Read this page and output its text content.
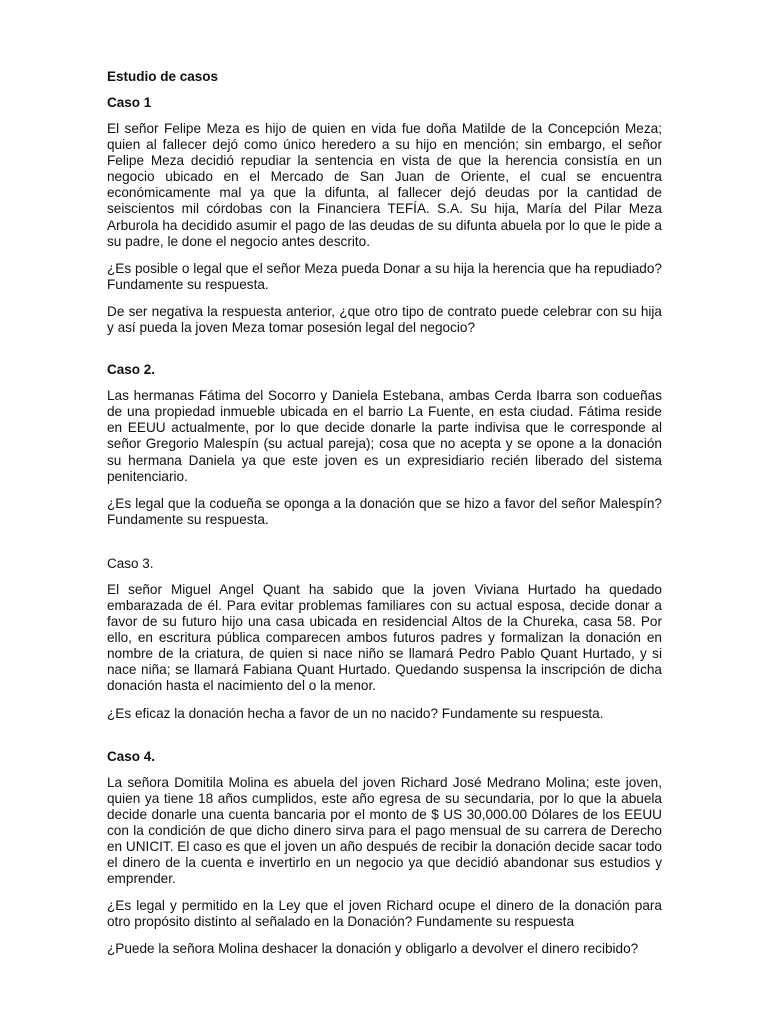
Estudio de casos
Caso 1

El señor Felipe Meza es hijo de quien en vida fue doña Matilde de la Concepción Meza; quien al fallecer dejó como único heredero a su hijo en mención; sin embargo, el señor Felipe Meza decidió repudiar la sentencia en vista de que la herencia consistía en un negocio ubicado en el Mercado de San Juan de Oriente, el cual se encuentra económicamente mal ya que la difunta, al fallecer dejó deudas por la cantidad de seiscientos mil córdobas con la Financiera TEFÍA. S.A. Su hija, María del Pilar Meza Arburola ha decidido asumir el pago de las deudas de su difunta abuela por lo que le pide a su padre, le done el negocio antes descrito.

¿Es posible o legal que el señor Meza pueda Donar a su hija la herencia que ha repudiado? Fundamente su respuesta.

De ser negativa la respuesta anterior, ¿que otro tipo de contrato puede celebrar con su hija y así pueda la joven Meza tomar posesión legal del negocio?

Caso 2.

Las hermanas Fátima del Socorro y Daniela Estebana, ambas Cerda Ibarra son codueñas de una propiedad inmueble ubicada en el barrio La Fuente, en esta ciudad. Fátima reside en EEUU actualmente, por lo que decide donarle la parte indivisa que le corresponde al señor Gregorio Malespín (su actual pareja); cosa que no acepta y se opone a la donación su hermana Daniela ya que este joven es un expresidiario recién liberado del sistema penitenciario.

¿Es legal que la codueña se oponga a la donación que se hizo a favor del señor Malespín? Fundamente su respuesta.

Caso 3.

El señor Miguel Angel Quant ha sabido que la joven Viviana Hurtado ha quedado embarazada de él. Para evitar problemas familiares con su actual esposa, decide donar a favor de su futuro hijo una casa ubicada en residencial Altos de la Chureka, casa 58. Por ello, en escritura pública comparecen ambos futuros padres y formalizan la donación en nombre de la criatura, de quien si nace niño se llamará Pedro Pablo Quant Hurtado, y si nace niña; se llamará Fabiana Quant Hurtado. Quedando suspensa la inscripción de dicha donación hasta el nacimiento del o la menor.

¿Es eficaz la donación hecha a favor de un no nacido? Fundamente su respuesta.

Caso 4.

La señora Domitila Molina es abuela del joven Richard José Medrano Molina; este joven, quien ya tiene 18 años cumplidos, este año egresa de su secundaria, por lo que la abuela decide donarle una cuenta bancaria por el monto de $ US 30,000.00 Dólares de los EEUU con la condición de que dicho dinero sirva para el pago mensual de su carrera de Derecho en UNICIT. El caso es que el joven un año después de recibir la donación decide sacar todo el dinero de la cuenta e invertirlo en un negocio ya que decidió abandonar sus estudios y emprender.

¿Es legal y permitido en la Ley que el joven Richard ocupe el dinero de la donación para otro propósito distinto al señalado en la Donación? Fundamente su respuesta

¿Puede la señora Molina deshacer la donación y obligarlo a devolver el dinero recibido?
